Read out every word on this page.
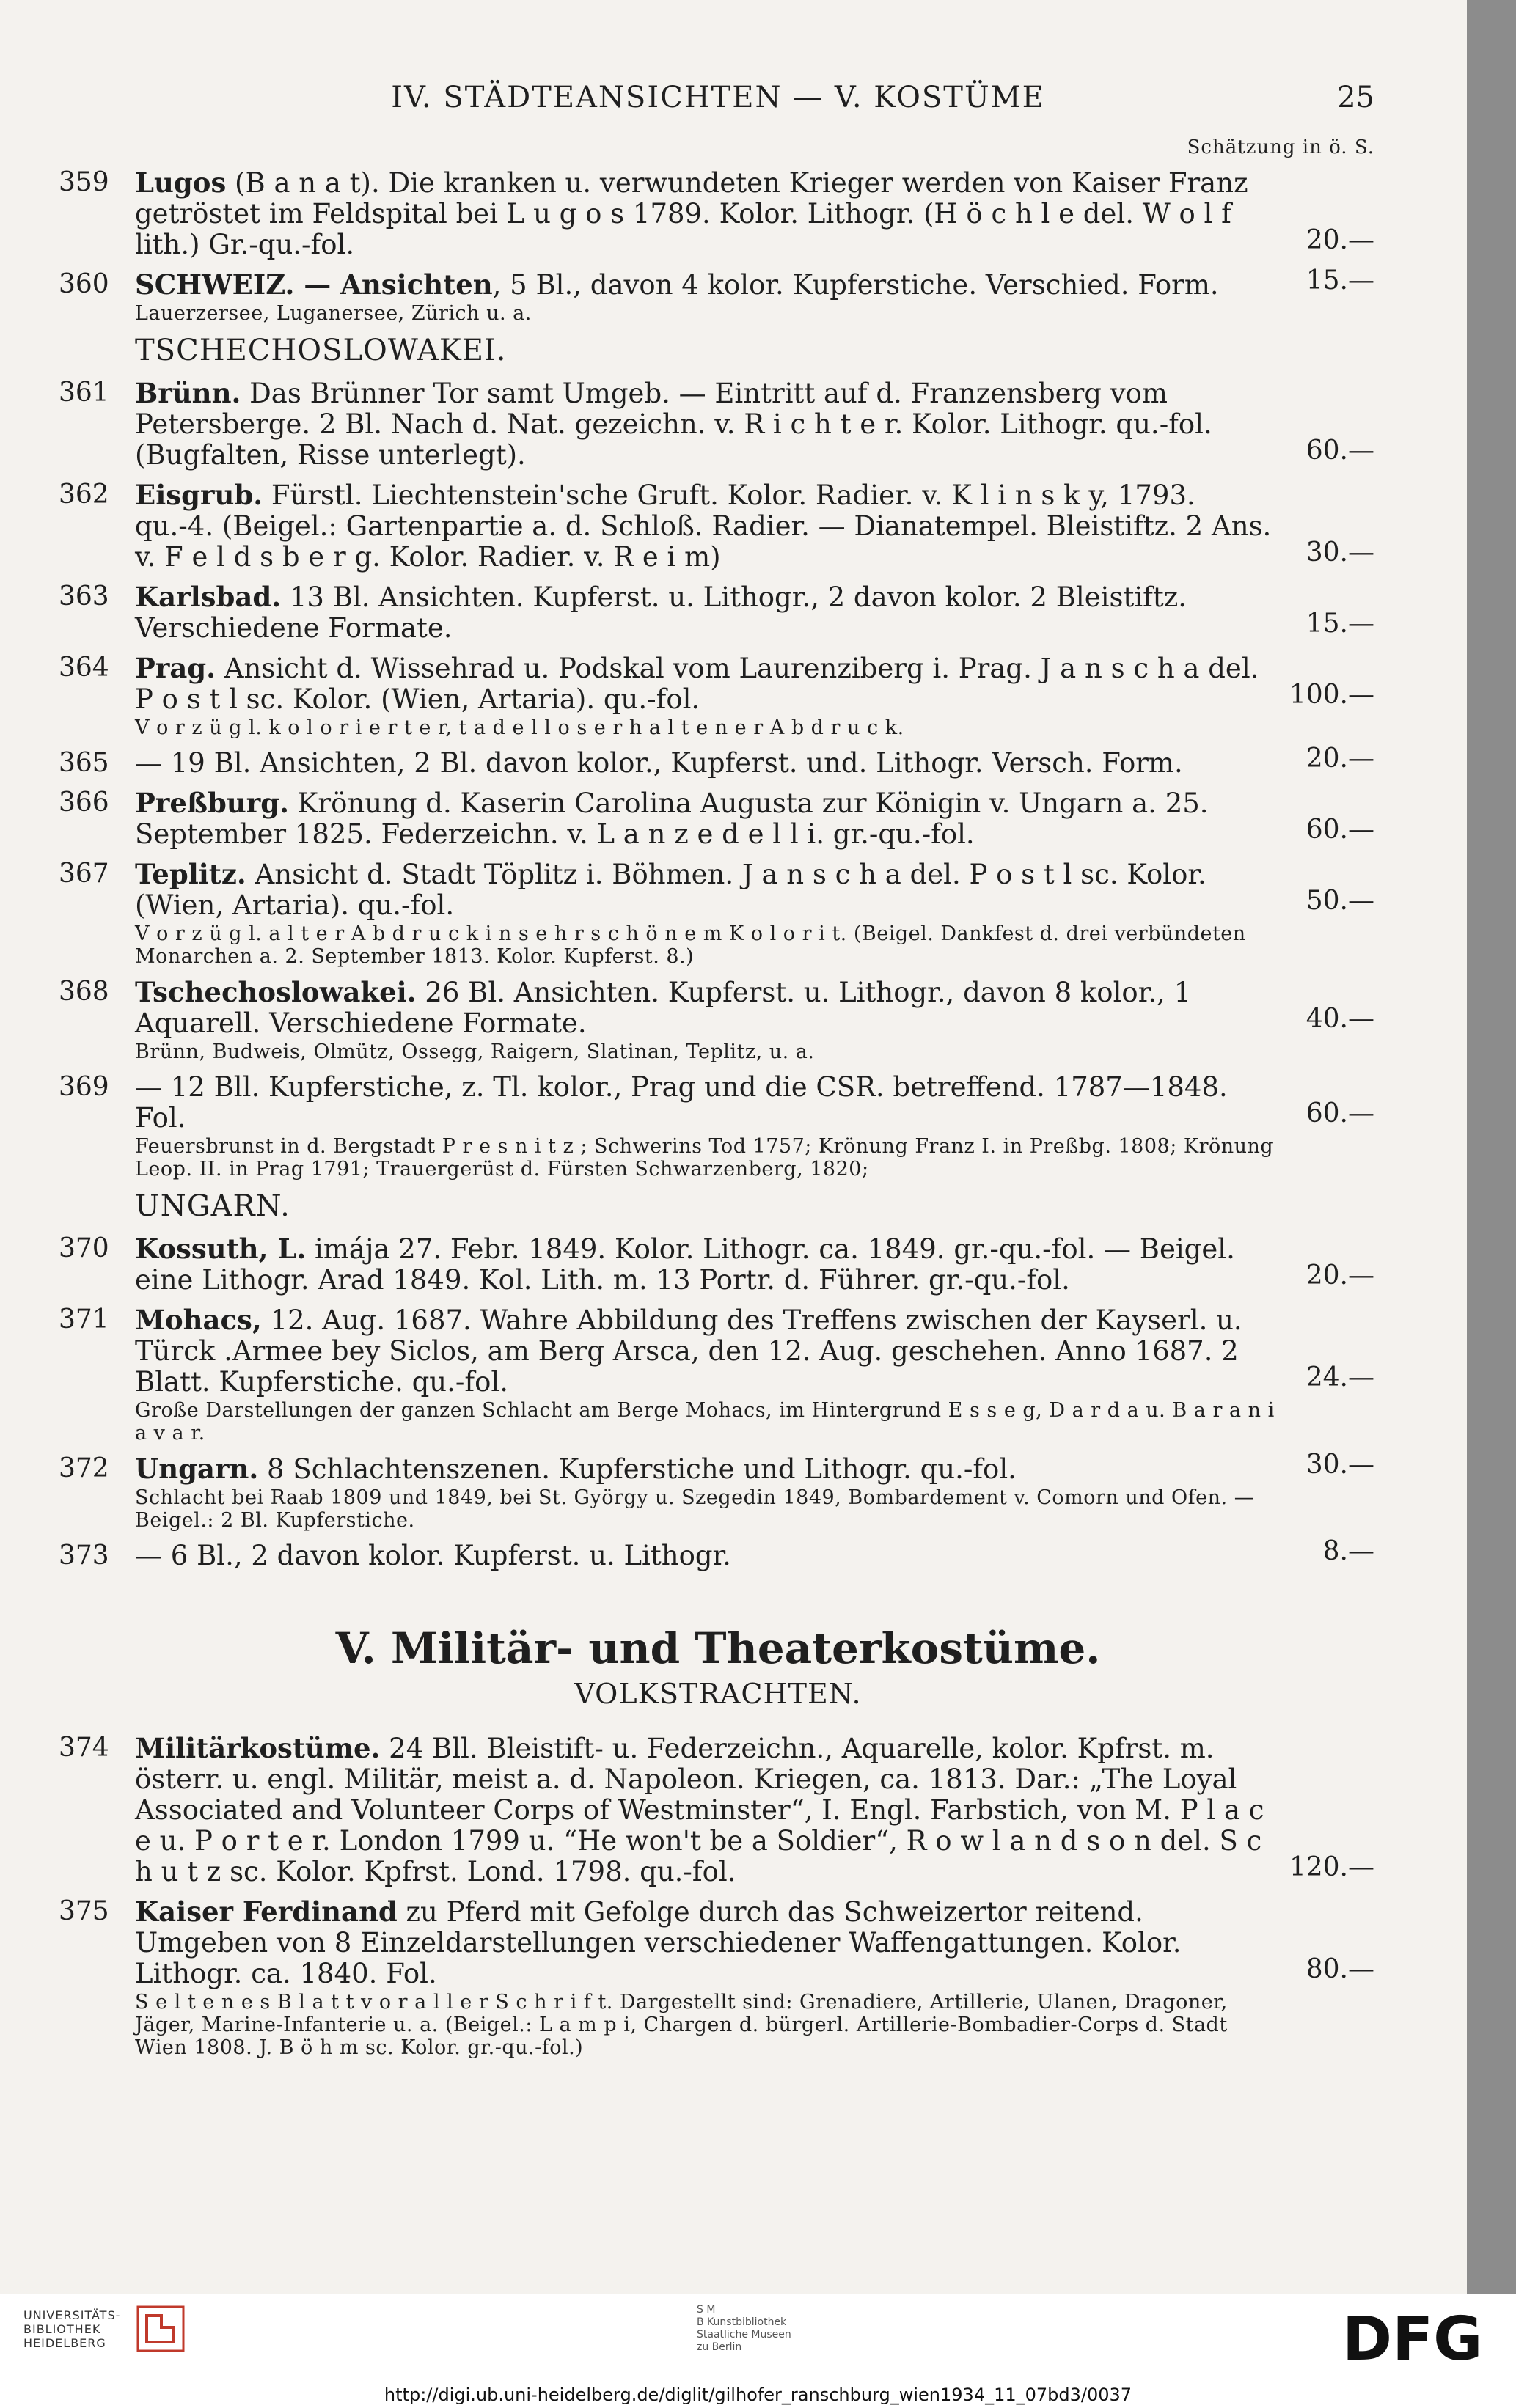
IV. STÄDTEANSICHTEN — V. KOSTÜME	25
Schätzung in ö. S.
359 Lugos (B a n a t). Die kranken u. verwundeten Krieger werden von Kaiser Franz getröstet im Feldspital bei L u g o s 1789. Kolor. Lithogr. (H ö c h l e del. W o l f lith.) Gr.-qu.-fol.	20.—
360 SCHWEIZ. — Ansichten, 5 Bl., davon 4 kolor. Kupferstiche. Verschied. Form.	15.—
Lauerzersee, Luganersee, Zürich u. a.
TSCHECHOSLOWAKEI.
361 Brünn. Das Brünner Tor samt Umgeb. — Eintritt auf d. Franzensberg vom Petersberge. 2 Bl. Nach d. Nat. gezeichn. v. R i c h t e r. Kolor. Lithogr. qu.-fol. (Bugfalten, Risse unterlegt).	60.—
362 Eisgrub. Fürstl. Liechtenstein'sche Gruft. Kolor. Radier. v. K l i n s k y, 1793. qu.-4. (Beigel.: Gartenpartie a. d. Schloß. Radier. — Dianatempel. Bleistiftz. 2 Ans. v. F e l d s b e r g. Kolor. Radier. v. R e i m)	30.—
363 Karlsbad. 13 Bl. Ansichten. Kupferst. u. Lithogr., 2 davon kolor. 2 Bleistiftz. Verschiedene Formate.	15.—
364 Prag. Ansicht d. Wissehrad u. Podskal vom Laurenziberg i. Prag. J a n s c h a del. P o s t l sc. Kolor. (Wien, Artaria). qu.-fol.	100.—
V o r z ü g l. k o l o r i e r t e r, t a d e l l o s e r h a l t e n e r A b d r u c k.
365 — 19 Bl. Ansichten, 2 Bl. davon kolor., Kupferst. und. Lithogr. Versch. Form.	20.—
366 Preßburg. Krönung d. Kaserin Carolina Augusta zur Königin v. Ungarn a. 25. September 1825. Federzeichn. v. L a n z e d e l l i. gr.-qu.-fol.	60.—
367 Teplitz. Ansicht d. Stadt Töplitz i. Böhmen. J a n s c h a del. P o s t l sc. Kolor. (Wien, Artaria). qu.-fol.	50.—
V o r z ü g l. a l t e r A b d r u c k i n s e h r s c h ö n e m K o l o r i t. (Beigel. Dankfest d. drei verbündeten Monarchen a. 2. September 1813. Kolor. Kupferst. 8.)
368 Tschechoslowakei. 26 Bl. Ansichten. Kupferst. u. Lithogr., davon 8 kolor., 1 Aquarell. Verschiedene Formate.	40.—
Brünn, Budweis, Olmütz, Ossegg, Raigern, Slatinan, Teplitz, u. a.
369 — 12 Bll. Kupferstiche, z. Tl. kolor., Prag und die CSR. betreffend. 1787—1848. Fol.	60.—
Feuersbrunst in d. Bergstadt P r e s n i t z ; Schwerins Tod 1757; Krönung Franz I. in Preßbg. 1808; Krönung Leop. II. in Prag 1791; Trauergerüst d. Fürsten Schwarzenberg, 1820;
UNGARN.
370 Kossuth, L. imája 27. Febr. 1849. Kolor. Lithogr. ca. 1849. gr.-qu.-fol. — Beigel. eine Lithogr. Arad 1849. Kol. Lith. m. 13 Portr. d. Führer. gr.-qu.-fol.	20.—
371 Mohacs, 12. Aug. 1687. Wahre Abbildung des Treffens zwischen der Kayserl. u. Türck .Armee bey Siclos, am Berg Arsca, den 12. Aug. geschehen. Anno 1687. 2 Blatt. Kupferstiche. qu.-fol.	24.—
Große Darstellungen der ganzen Schlacht am Berge Mohacs, im Hintergrund E s s e g, D a r d a u. B a r a n i a v a r.
372 Ungarn. 8 Schlachtenszenen. Kupferstiche und Lithogr. qu.-fol.	30.—
Schlacht bei Raab 1809 und 1849, bei St. György u. Szegedin 1849, Bombardement v. Comorn und Ofen. — Beigel.: 2 Bl. Kupferstiche.
373 — 6 Bl., 2 davon kolor. Kupferst. u. Lithogr.	8.—
V. Militär- und Theaterkostüme.
VOLKSTRACHTEN.
374 Militärkostüme. 24 Bll. Bleistift- u. Federzeichn., Aquarelle, kolor. Kpfrst. m. österr. u. engl. Militär, meist a. d. Napoleon. Kriegen, ca. 1813. Dar.: „The Loyal Associated and Volunteer Corps of Westminster“, I. Engl. Farbstich, von M. P l a c e u. P o r t e r. London 1799 u. “He won't be a Soldier“, R o w l a n d s o n del. S c h u t z sc. Kolor. Kpfrst. Lond. 1798. qu.-fol.	120.—
375 Kaiser Ferdinand zu Pferd mit Gefolge durch das Schweizertor reitend. Umgeben von 8 Einzeldarstellungen verschiedener Waffengattungen. Kolor. Lithogr. ca. 1840. Fol.	80.—
S e l t e n e s B l a t t v o r a l l e r S c h r i f t. Dargestellt sind: Grenadiere, Artillerie, Ulanen, Dragoner, Jäger, Marine-Infanterie u. a. (Beigel.: L a m p i, Chargen d. bürgerl. Artillerie-Bombadier-Corps d. Stadt Wien 1808. J. B ö h m sc. Kolor. gr.-qu.-fol.)
UNIVERSITÄTS-
BIBLIOTHEK
HEIDELBERG
S M
B Kunstbibliothek
Staatliche Museen
zu Berlin	DFG
http://digi.ub.uni-heidelberg.de/diglit/gilhofer_ranschburg_wien1934_11_07bd3/0037
